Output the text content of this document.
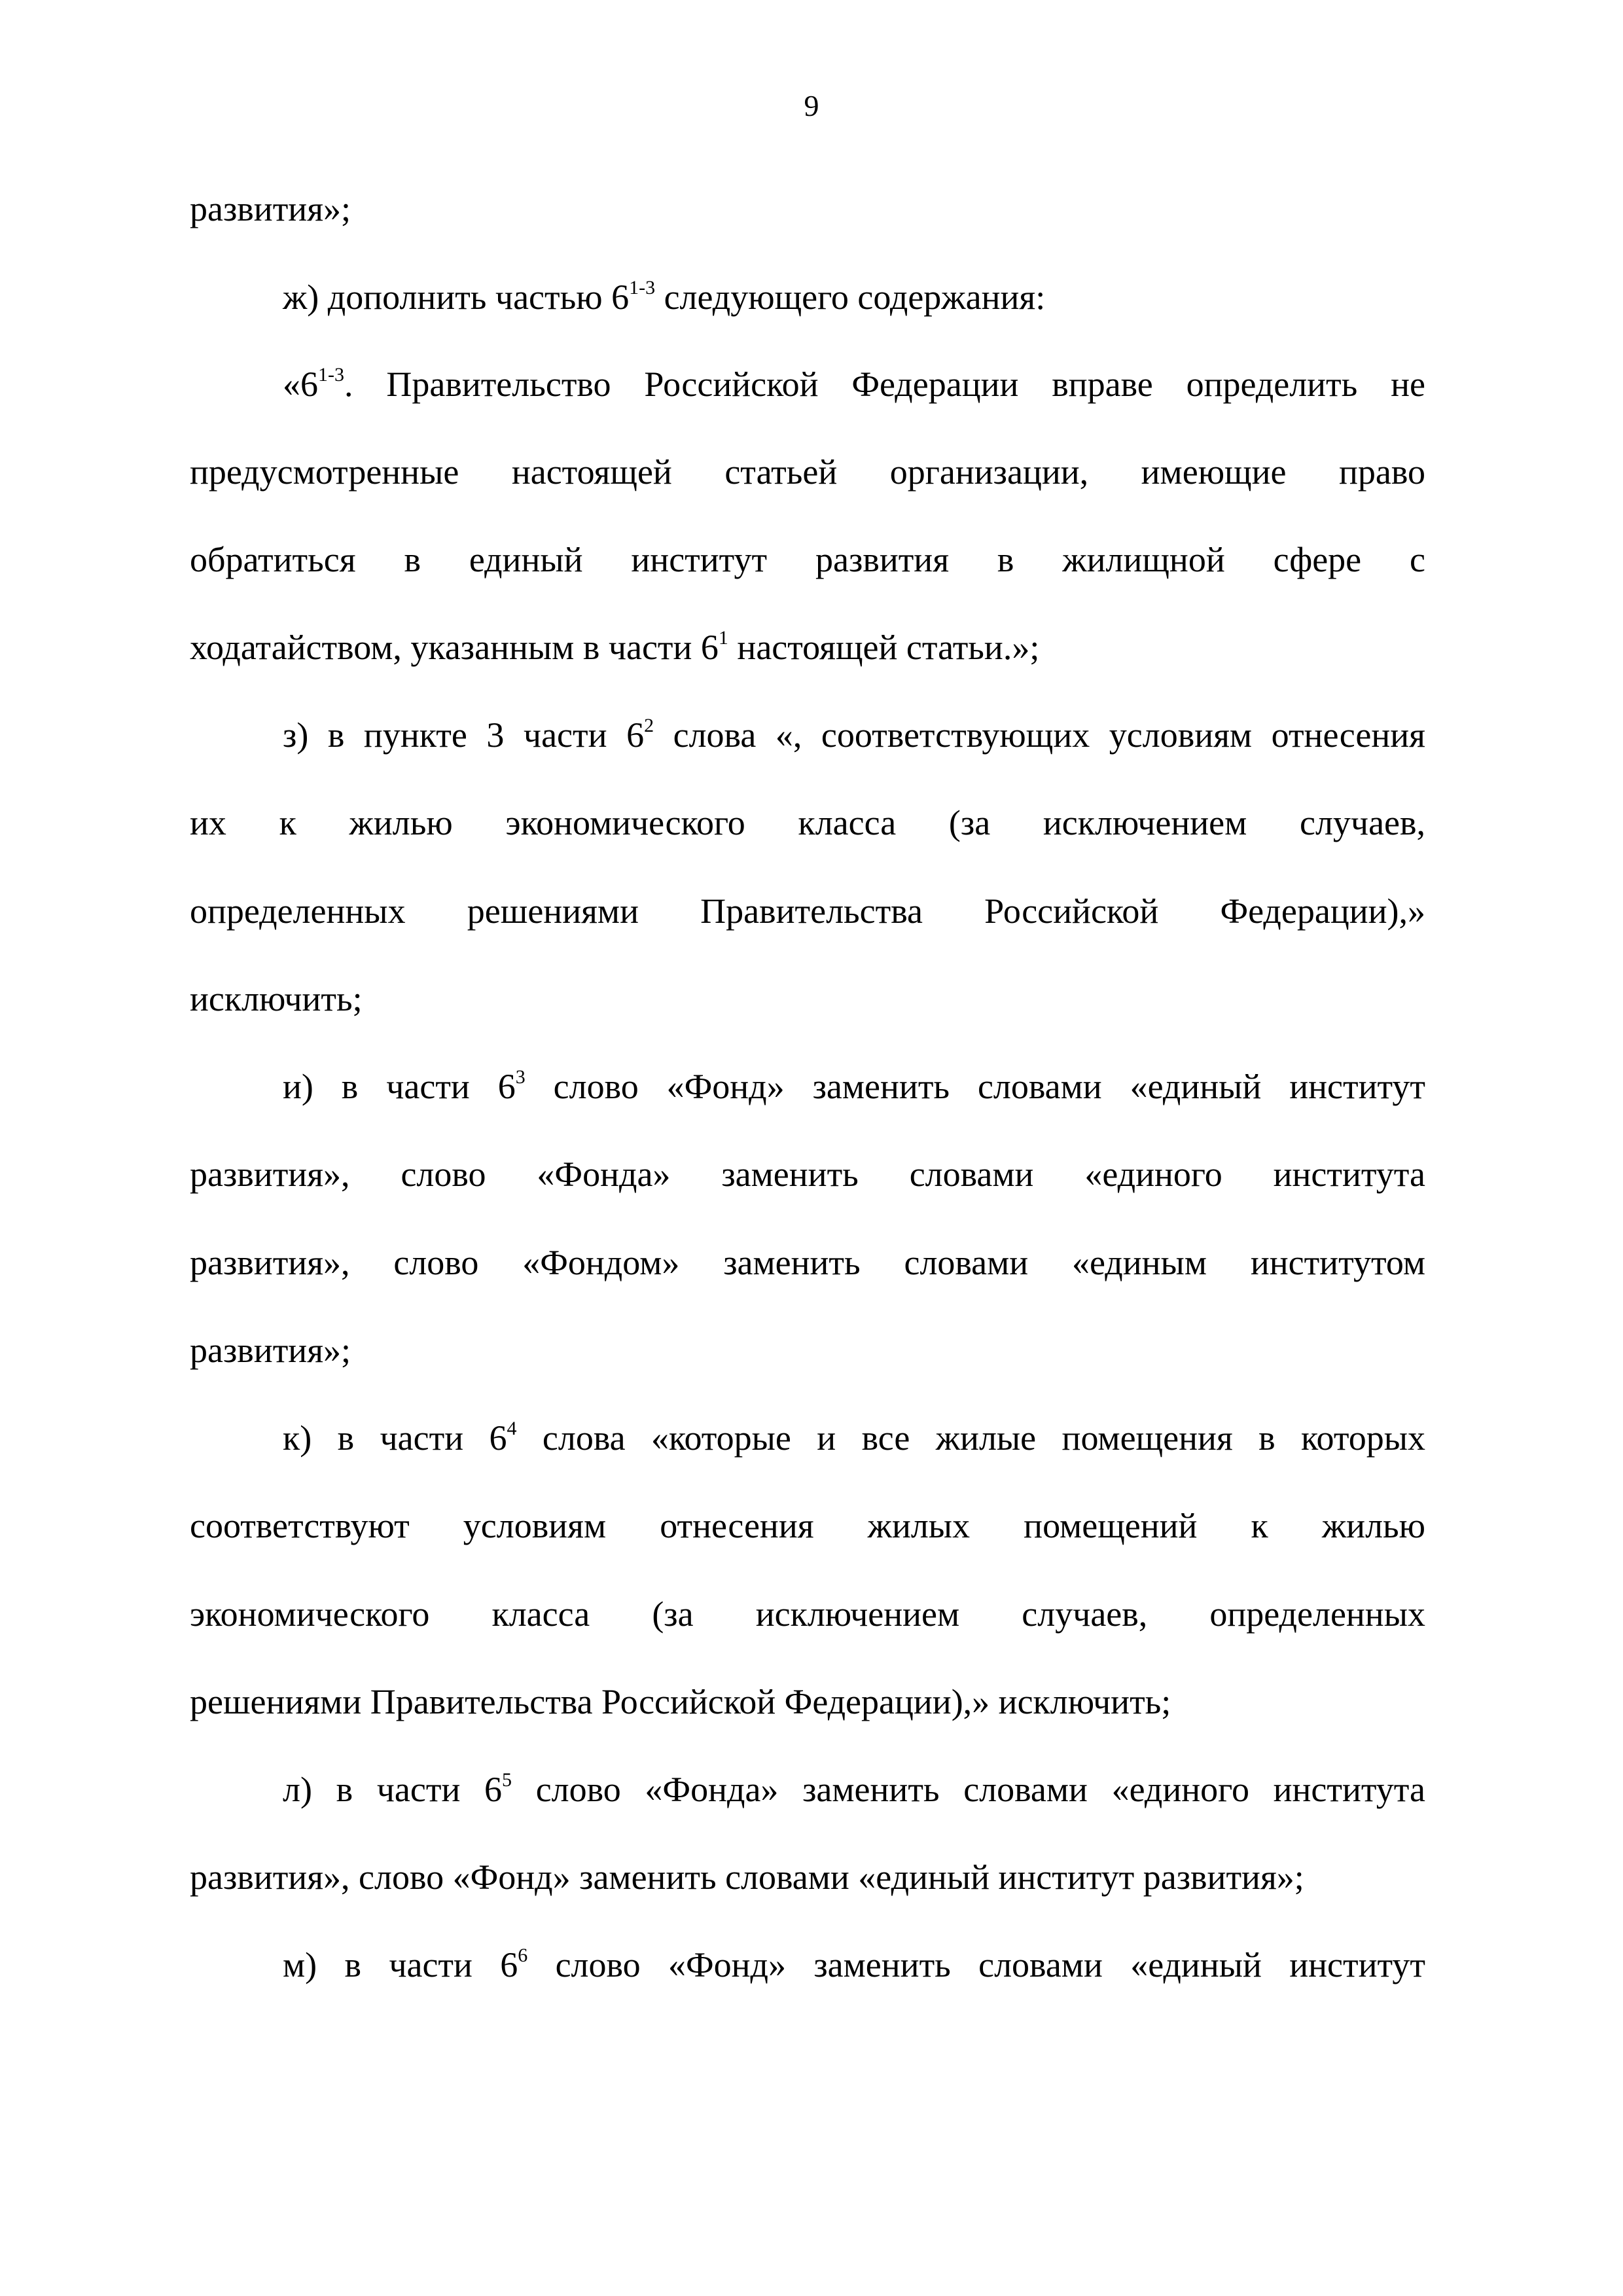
9
развития»;
ж) дополнить частью 6$^{1-3}$ следующего содержания:
«6$^{1-3}$. Правительство Российской Федерации вправе определить не
предусмотренные настоящей статьей организации, имеющие право
обратиться в единый институт развития в жилищной сфере с
ходатайством, указанным в части $6^1$ настоящей статьи.»;
з) в пункте 3 части $6^2$ слова «, соответствующих условиям отнесения
их к жилью экономического класса (за исключением случаев,
определенных решениями Правительства Российской Федерации),»
исключить;
и) в части $6^3$ слово «Фонд» заменить словами «единый институт
развития», слово «Фонда» заменить словами «единого института
развития», слово «Фондом» заменить словами «единым институтом
развития»;
к) в части $6^4$ слова «которые и все жилые помещения в которых
соответствуют условиям отнесения жилых помещений к жилью
экономического класса (за исключением случаев, определенных
решениями Правительства Российской Федерации),» исключить;
л) в части $6^5$ слово «Фонда» заменить словами «единого института
развития», слово «Фонд» заменить словами «единый институт развития»;
м) в части $6^6$ слово «Фонд» заменить словами «единый институт
